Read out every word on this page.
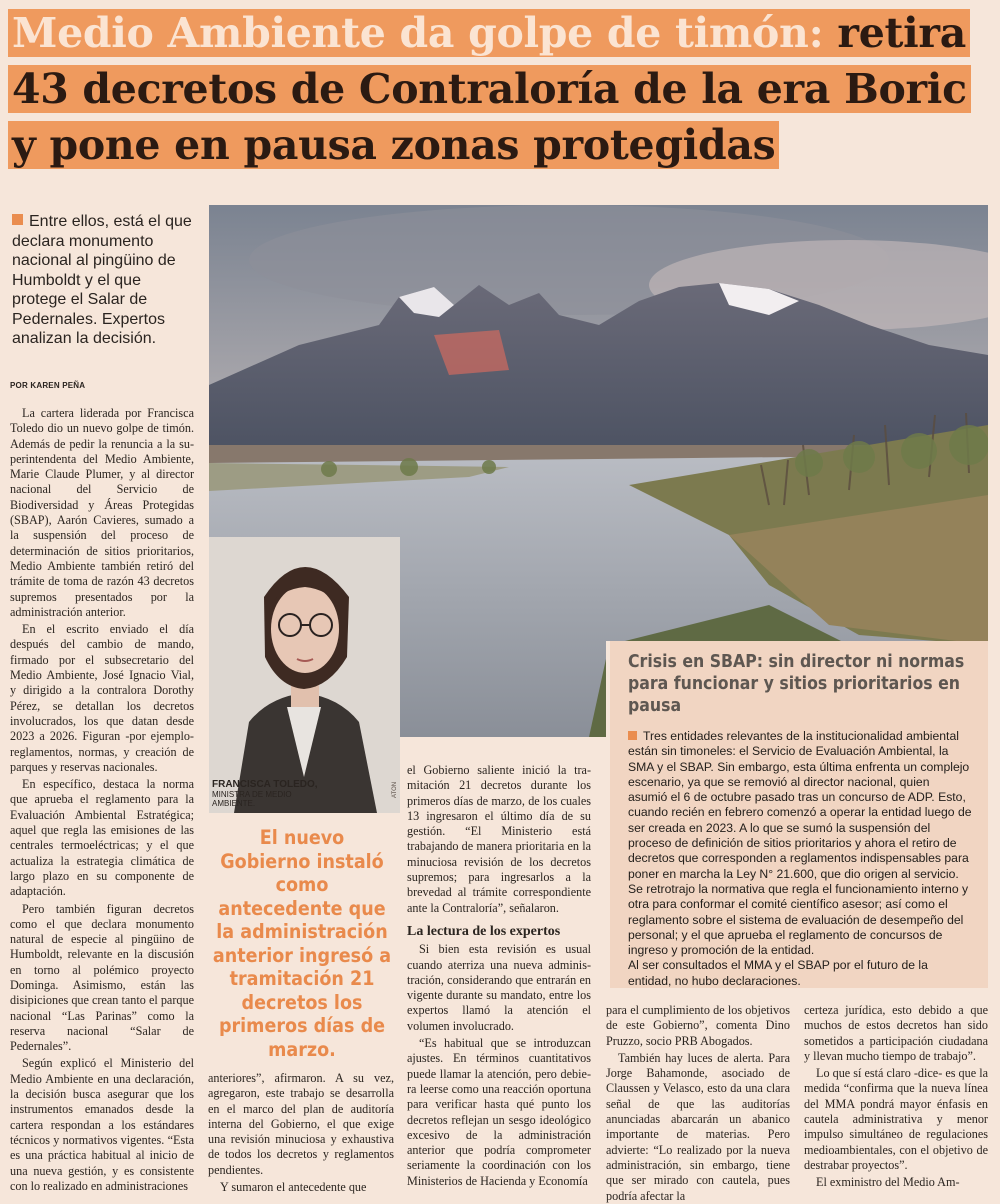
Medio Ambiente da golpe de timón: retira
43 decretos de Contraloría de la era Boric
y pone en pausa zonas protegidas
Entre ellos, está el que declara monumento nacional al pingüino de Humboldt y el que protege el Salar de Pedernales. Expertos analizan la decisión.
POR KAREN PEÑA

La cartera liderada por Francisca Toledo dio un nuevo golpe de timón. Además de pedir la renuncia a la superintendenta del Medio Ambiente, Marie Claude Plumer, y al director nacional del Servicio de Biodiversidad y Áreas Protegidas (SBAP), Aarón Cavieres, sumado a la suspensión del proceso de determinación de sitios prioritarios, Medio Ambiente también retiró del trámite de toma de razón 43 decretos supremos presentados por la administración anterior.

En el escrito enviado el día después del cambio de mando, firmado por el subsecretario del Medio Ambiente, José Ignacio Vial, y dirigido a la contralora Dorothy Pérez, se detallan los decretos involucrados, los que datan desde 2023 a 2026. Figuran -por ejemplo- reglamentos, normas, y creación de parques y reservas nacionales.

En específico, destaca la norma que aprueba el reglamento para la Evaluación Ambiental Estratégica; aquel que regla las emisiones de las centrales termoeléctricas; y el que actualiza la estrategia climática de largo plazo en su componente de adaptación.

Pero también figuran decretos como el que declara monumento natural de especie al pingüino de Humboldt, relevante en la discusión en torno al polémico proyecto Dominga. Asimismo, están las disipiciones que crean tanto el parque nacional “Las Parinas” como la reserva nacional “Salar de Pedernales”.

Según explicó el Ministerio del Medio Ambiente en una declaración, la decisión busca asegurar que los instrumentos emanados desde la cartera respondan a los estándares técnicos y normativos vigentes. “Esta es una práctica habitual al inicio de una nueva gestión, y es consistente con lo realizado en administraciones

FRANCISCA TOLEDO,
MINISTRA DE MEDIO AMBIENTE.
ATON
El nuevo Gobierno instaló como antecedente que la administración anterior ingresó a tramitación 21 decretos los primeros días de marzo.

anteriores”, afirmaron. A su vez, agregaron, este trabajo se desarrolla en el marco del plan de auditoría interna del Gobierno, el que exige una revisión minuciosa y exhaustiva de todos los decretos y reglamentos pendientes.

Y sumaron el antecedente que

el Gobierno saliente inició la tramitación 21 decretos durante los primeros días de marzo, de los cuales 13 ingresaron el último día de su gestión. “El Ministerio está trabajando de manera prioritaria en la minuciosa revisión de los decretos supremos; para ingresarlos a la brevedad al trámite correspondiente ante la Contraloría”, señalaron.

La lectura de los expertos

Si bien esta revisión es usual cuando aterriza una nueva administración, considerando que entrarán en vigente durante su mandato, entre los expertos llamó la atención el volumen involucrado.

“Es habitual que se introduzcan ajustes. En términos cuantitativos puede llamar la atención, pero debiera leerse como una reacción oportuna para verificar hasta qué punto los decretos reflejan un sesgo ideológico excesivo de la administración anterior que podría comprometer seriamente la coordinación con los Ministerios de Hacienda y Economía

Crisis en SBAP: sin director ni normas para funcionar y sitios prioritarios en pausa
Tres entidades relevantes de la institucionalidad ambiental están sin timoneles: el Servicio de Evaluación Ambiental, la SMA y el SBAP. Sin embargo, esta última enfrenta un complejo escenario, ya que se removió al director nacional, quien asumió el 6 de octubre pasado tras un concurso de ADP. Esto, cuando recién en febrero comenzó a operar la entidad luego de ser creada en 2023. A lo que se sumó la suspensión del proceso de definición de sitios prioritarios y ahora el retiro de decretos que corresponden a reglamentos indispensables para poner en marcha la Ley N° 21.600, que dio origen al servicio. Se retrotrajo la normativa que regla el funcionamiento interno y otra para conformar el comité científico asesor; así como el reglamento sobre el sistema de evaluación de desempeño del personal; y el que aprueba el reglamento de concursos de ingreso y promoción de la entidad.
Al ser consultados el MMA y el SBAP por el futuro de la entidad, no hubo declaraciones.

para el cumplimiento de los objetivos de este Gobierno”, comenta Dino Pruzzo, socio PRB Abogados.

También hay luces de alerta. Para Jorge Bahamonde, asociado de Claussen y Velasco, esto da una clara señal de que las auditorías anunciadas abarcarán un abanico importante de materias. Pero advierte: “Lo realizado por la nueva administración, sin embargo, tiene que ser mirado con cautela, pues podría afectar la

certeza jurídica, esto debido a que muchos de estos decretos han sido sometidos a participación ciudadana y llevan mucho tiempo de trabajo”.

Lo que sí está claro -dice- es que la medida “confirma que la nueva línea del MMA pondrá mayor énfasis en cautela administrativa y menor impulso simultáneo de regulaciones medioambientales, con el objetivo de destrabar proyectos”.

El exministro del Medio Am-
